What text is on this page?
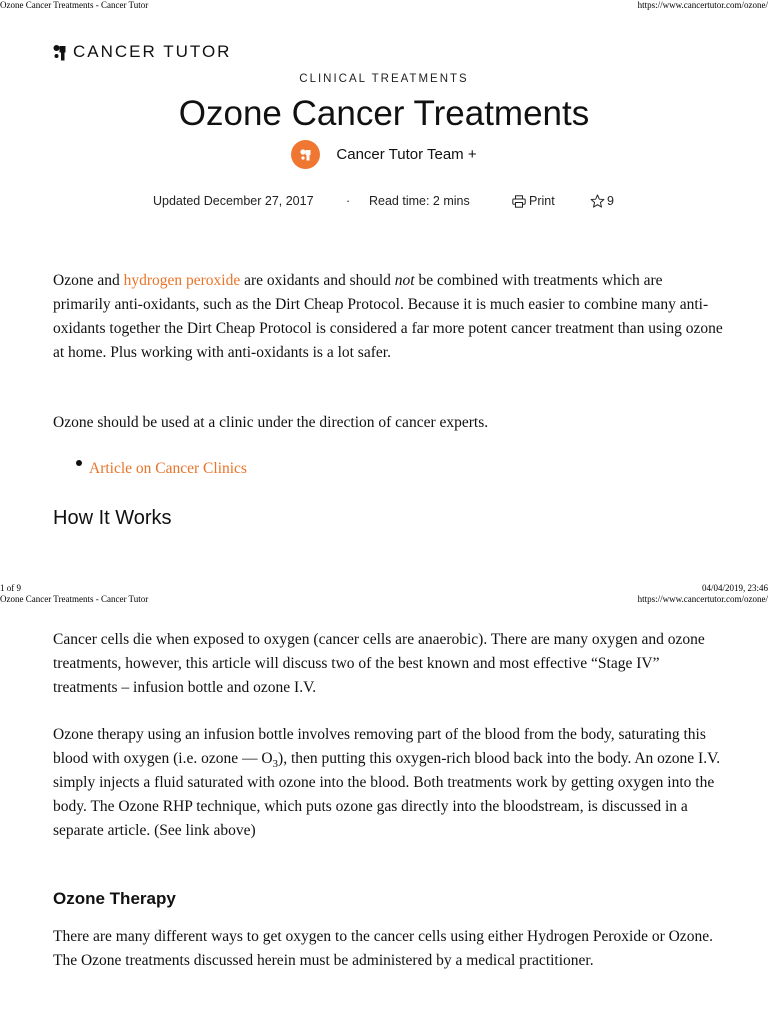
Ozone Cancer Treatments - Cancer Tutor	https://www.cancertutor.com/ozone/
CANCER TUTOR
CLINICAL TREATMENTS
Ozone Cancer Treatments
Cancer Tutor Team +
Updated December 27, 2017	· Read time: 2 mins	Print	9

Ozone and hydrogen peroxide are oxidants and should not be combined with treatments which are primarily anti-oxidants, such as the Dirt Cheap Protocol. Because it is much easier to combine many anti-oxidants together the Dirt Cheap Protocol is considered a far more potent cancer treatment than using ozone at home. Plus working with anti-oxidants is a lot safer.

Ozone should be used at a clinic under the direction of cancer experts.

Article on Cancer Clinics
How It Works
1 of 9	04/04/2019, 23:46
Ozone Cancer Treatments - Cancer Tutor	https://www.cancertutor.com/ozone/

Cancer cells die when exposed to oxygen (cancer cells are anaerobic). There are many oxygen and ozone treatments, however, this article will discuss two of the best known and most effective “Stage IV” treatments – infusion bottle and ozone I.V.

Ozone therapy using an infusion bottle involves removing part of the blood from the body, saturating this blood with oxygen (i.e. ozone — $O_3$), then putting this oxygen-rich blood back into the body. An ozone I.V. simply injects a fluid saturated with ozone into the blood. Both treatments work by getting oxygen into the body. The Ozone RHP technique, which puts ozone gas directly into the bloodstream, is discussed in a separate article. (See link above)

Ozone Therapy

There are many different ways to get oxygen to the cancer cells using either Hydrogen Peroxide or Ozone. The Ozone treatments discussed herein must be administered by a medical practitioner.
